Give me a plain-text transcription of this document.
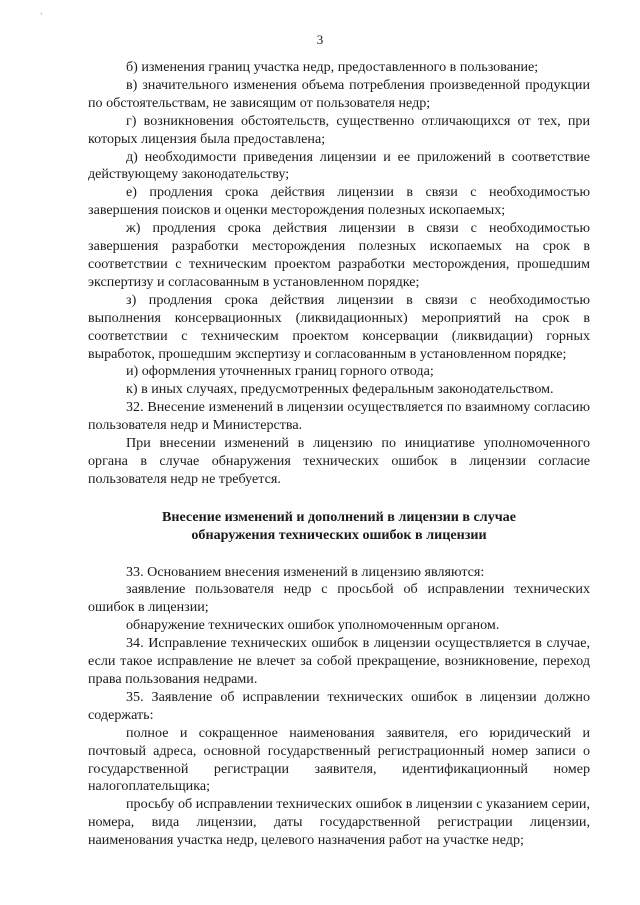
`
3

б) изменения границ участка недр, предоставленного в пользование;

в) значительного изменения объема потребления произведенной продукции по обстоятельствам, не зависящим от пользователя недр;

г) возникновения обстоятельств, существенно отличающихся от тех, при которых лицензия была предоставлена;

д) необходимости приведения лицензии и ее приложений в соответствие действующему законодательству;

е) продления срока действия лицензии в связи с необходимостью завершения поисков и оценки месторождения полезных ископаемых;

ж) продления срока действия лицензии в связи с необходимостью завершения разработки месторождения полезных ископаемых на срок в соответствии с техническим проектом разработки месторождения, прошедшим экспертизу и согласованным в установленном порядке;

з) продления срока действия лицензии в связи с необходимостью выполнения консервационных (ликвидационных) мероприятий на срок в соответствии с техническим проектом консервации (ликвидации) горных выработок, прошедшим экспертизу и согласованным в установленном порядке;

и) оформления уточненных границ горного отвода;

к) в иных случаях, предусмотренных федеральным законодательством.

32. Внесение изменений в лицензии осуществляется по взаимному согласию пользователя недр и Министерства.

При внесении изменений в лицензию по инициативе уполномоченного органа в случае обнаружения технических ошибок в лицензии согласие пользователя недр не требуется.

Внесение изменений и дополнений в лицензии в случае обнаружения технических ошибок в лицензии

33. Основанием внесения изменений в лицензию являются:

заявление пользователя недр с просьбой об исправлении технических ошибок в лицензии;

обнаружение технических ошибок уполномоченным органом.

34. Исправление технических ошибок в лицензии осуществляется в случае, если такое исправление не влечет за собой прекращение, возникновение, переход права пользования недрами.

35. Заявление об исправлении технических ошибок в лицензии должно содержать:

полное и сокращенное наименования заявителя, его юридический и почтовый адреса, основной государственный регистрационный номер записи о государственной регистрации заявителя, идентификационный номер налогоплательщика;

просьбу об исправлении технических ошибок в лицензии с указанием серии, номера, вида лицензии, даты государственной регистрации лицензии, наименования участка недр, целевого назначения работ на участке недр;
